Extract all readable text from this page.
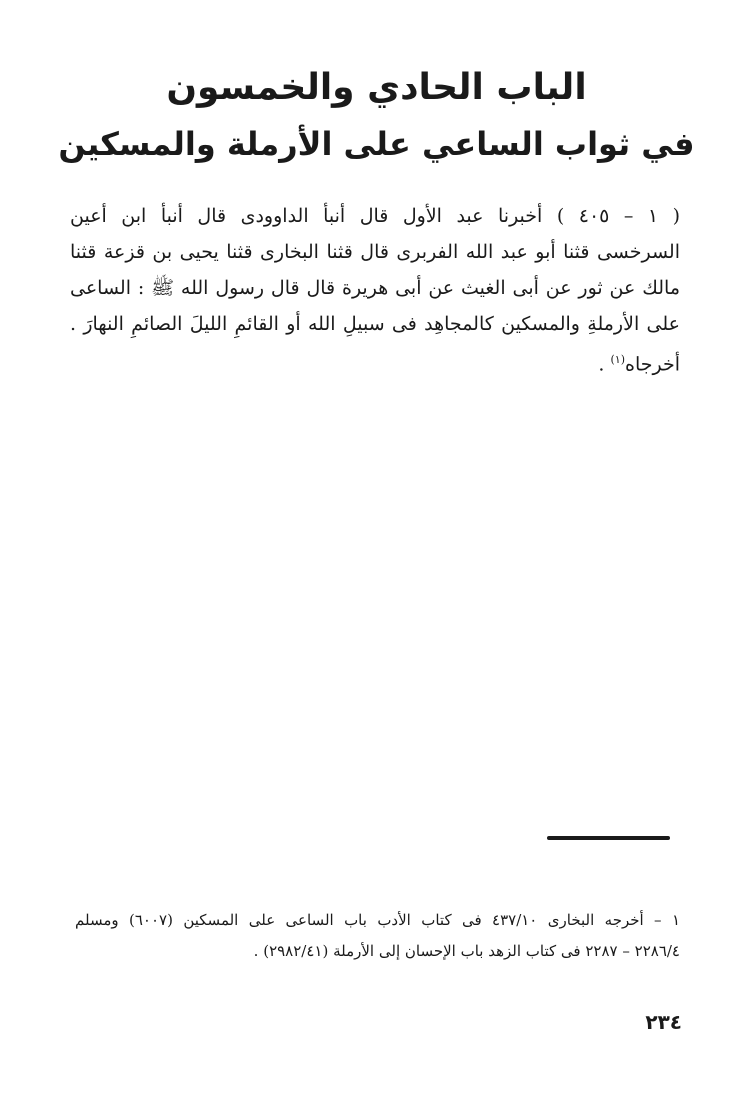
الباب الحادي والخمسون
في ثواب الساعي على الأرملة والمسكين
( ١ – ٤٠٥ ) أخبرنا عبد الأول قال أنبأ الداوودى قال أنبأ ابن أعين
السرخسى قثنا أبو عبد الله الفربرى قال قثنا البخارى قثنا يحيى بن قزعة قثنا
مالك عن ثور عن أبى الغيث عن أبى هريرة قال قال رسول الله ﷺ : الساعى
على الأرملةِ والمسكين كالمجاهِد فى سبيلِ الله أو القائمِ الليلَ الصائمِ النهارَ .
أخرجاه$^{(١)}$ .
١ – أخرجه البخارى ٤٣٧/١٠ فى كتاب الأدب باب الساعى على المسكين (٦٠٠٧) ومسلم
٢٢٨٦/٤ – ٢٢٨٧ فى كتاب الزهد باب الإحسان إلى الأرملة (٢٩٨٢/٤١) .
٢٣٤
